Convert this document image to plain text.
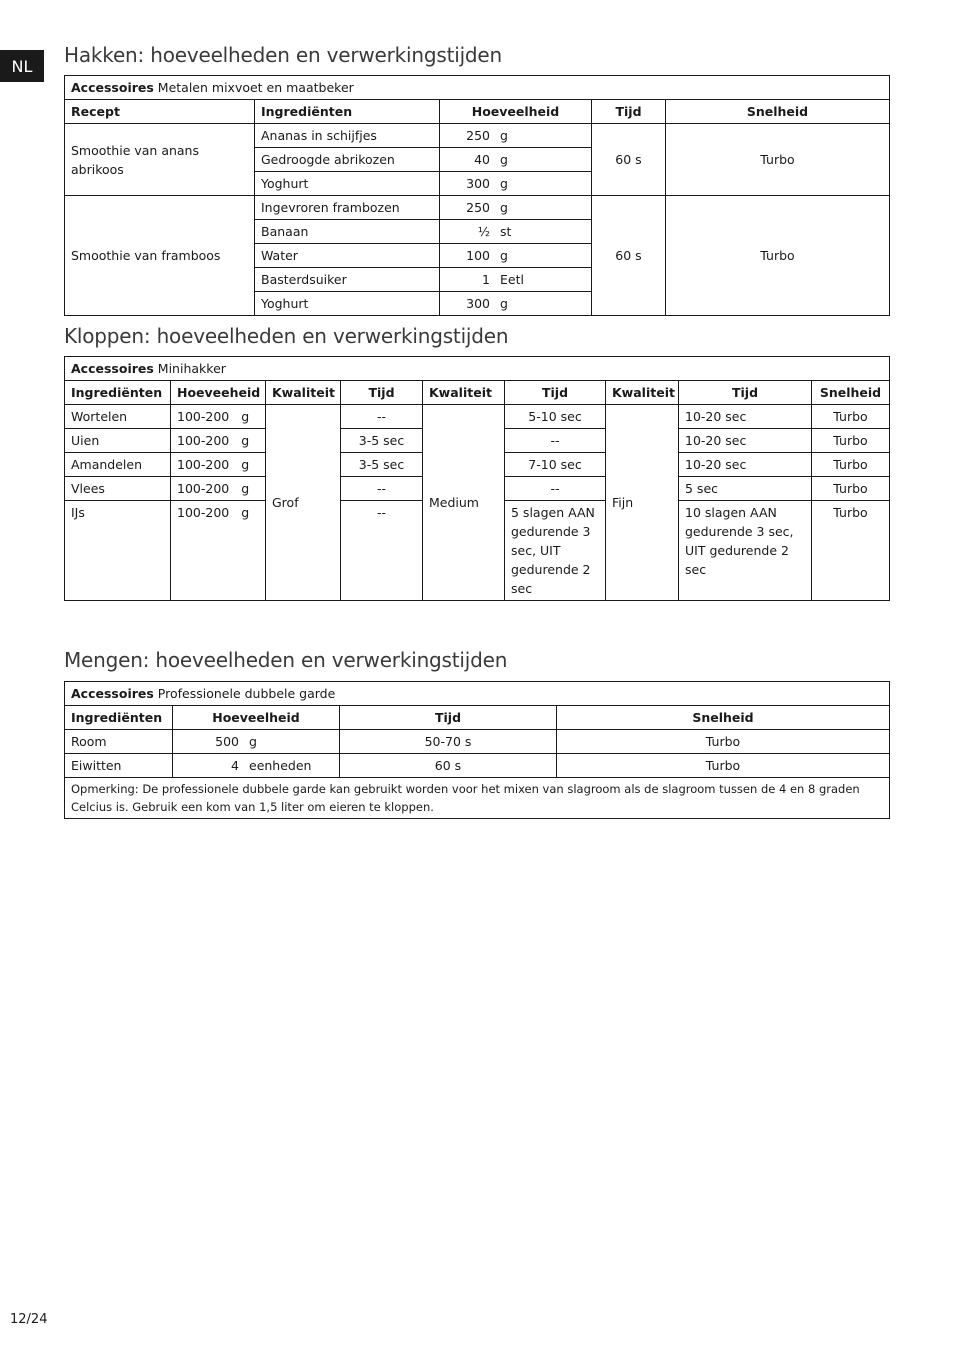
NL Hakken: hoeveelheden en verwerkingstijden
Accessoires Metalen mixvoet en maatbeker				
Recept	Ingrediënten	Hoeveelheid	Tijd	Snelheid
Smoothie van anans abrikoos	Ananas in schijfjes	250 g	60 s	Turbo
	Gedroogde abrikozen	40 g		
	Yoghurt	300 g		
Smoothie van framboos	Ingevroren frambozen	250 g	60 s	Turbo
	Banaan	½ st		
	Water	100 g		
	Basterdsuiker	1 Eetl		
	Yoghurt	300 g		
Kloppen: hoeveelheden en verwerkingstijden
Accessoires Minihakker								
Ingrediënten	Hoeveeheid	Kwaliteit	Tijd	Kwaliteit	Tijd	Kwaliteit	Tijd	Snelheid
Wortelen	100-200 g	Grof	--	Medium	5-10 sec	Fijn	10-20 sec	Turbo
Uien	100-200 g		3-5 sec		--		10-20 sec	Turbo
Amandelen	100-200 g		3-5 sec		7-10 sec		10-20 sec	Turbo
Vlees	100-200 g		--		--		5 sec	Turbo
IJs	100-200 g		--		5 slagen AAN gedurende 3 sec, UIT gedurende 2 sec		10 slagen AAN gedurende 3 sec, UIT gedurende 2 sec	Turbo
Mengen: hoeveelheden en verwerkingstijden
Accessoires Professionele dubbele garde			
Ingrediënten	Hoeveelheid	Tijd	Snelheid
Room	500 g	50-70 s	Turbo
Eiwitten	4 eenheden	60 s	Turbo
Opmerking: De professionele dubbele garde kan gebruikt worden voor het mixen van slagroom als de slagroom tussen de 4 en 8 graden Celcius is. Gebruik een kom van 1,5 liter om eieren te kloppen.			
12/24
